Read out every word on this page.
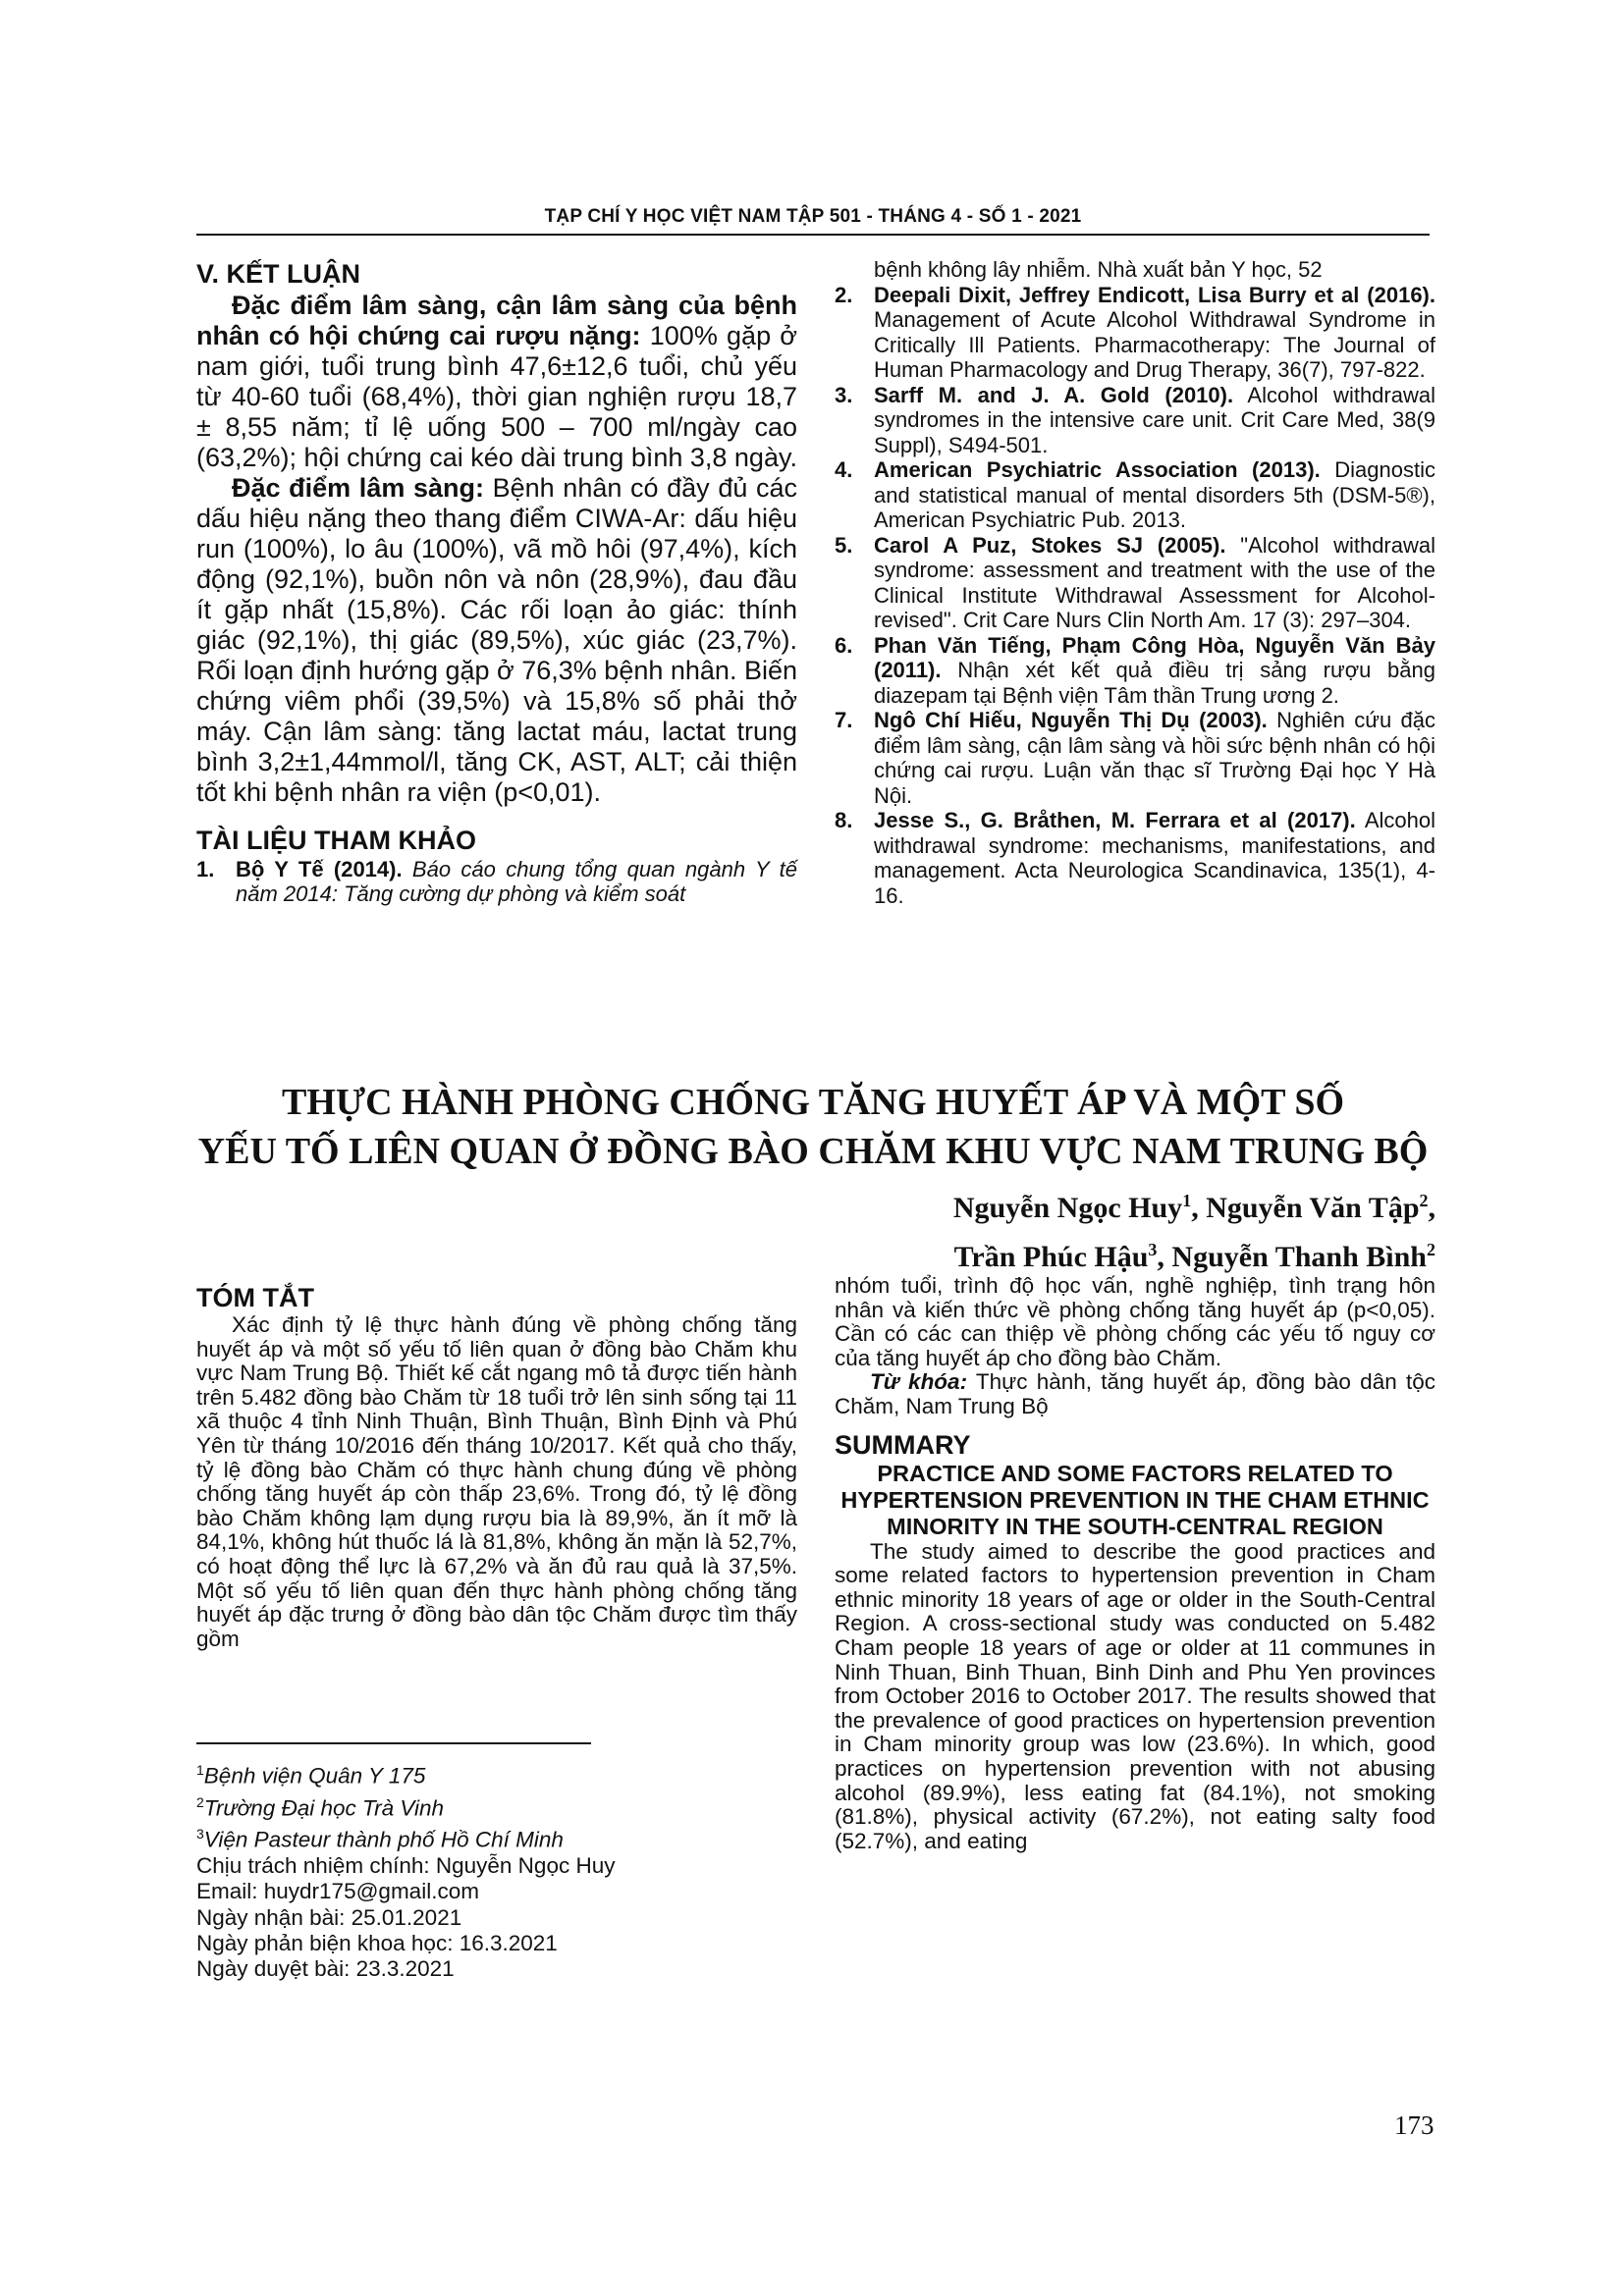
TẠP CHÍ Y HỌC VIỆT NAM TẬP 501 - THÁNG 4 - SỐ 1 - 2021

V. KẾT LUẬN

Đặc điểm lâm sàng, cận lâm sàng của bệnh nhân có hội chứng cai rượu nặng: 100% gặp ở nam giới, tuổi trung bình 47,6±12,6 tuổi, chủ yếu từ 40-60 tuổi (68,4%), thời gian nghiện rượu 18,7 ± 8,55 năm; tỉ lệ uống 500 – 700 ml/ngày cao (63,2%); hội chứng cai kéo dài trung bình 3,8 ngày.

Đặc điểm lâm sàng: Bệnh nhân có đầy đủ các dấu hiệu nặng theo thang điểm CIWA-Ar: dấu hiệu run (100%), lo âu (100%), vã mồ hôi (97,4%), kích động (92,1%), buồn nôn và nôn (28,9%), đau đầu ít gặp nhất (15,8%). Các rối loạn ảo giác: thính giác (92,1%), thị giác (89,5%), xúc giác (23,7%). Rối loạn định hướng gặp ở 76,3% bệnh nhân. Biến chứng viêm phổi (39,5%) và 15,8% số phải thở máy. Cận lâm sàng: tăng lactat máu, lactat trung bình 3,2±1,44mmol/l, tăng CK, AST, ALT; cải thiện tốt khi bệnh nhân ra viện (p<0,01).

TÀI LIỆU THAM KHẢO

1. Bộ Y Tế (2014). Báo cáo chung tổng quan ngành Y tế năm 2014: Tăng cường dự phòng và kiểm soát
bệnh không lây nhiễm. Nhà xuất bản Y học, 52
2. Deepali Dixit, Jeffrey Endicott, Lisa Burry et al (2016). Management of Acute Alcohol Withdrawal Syndrome in Critically Ill Patients. Pharmacotherapy: The Journal of Human Pharmacology and Drug Therapy, 36(7), 797-822.
3. Sarff M. and J. A. Gold (2010). Alcohol withdrawal syndromes in the intensive care unit. Crit Care Med, 38(9 Suppl), S494-501.
4. American Psychiatric Association (2013). Diagnostic and statistical manual of mental disorders 5th (DSM-5®), American Psychiatric Pub. 2013.
5. Carol A Puz, Stokes SJ (2005). "Alcohol withdrawal syndrome: assessment and treatment with the use of the Clinical Institute Withdrawal Assessment for Alcohol-revised". Crit Care Nurs Clin North Am. 17 (3): 297–304.
6. Phan Văn Tiếng, Phạm Công Hòa, Nguyễn Văn Bảy (2011). Nhận xét kết quả điều trị sảng rượu bằng diazepam tại Bệnh viện Tâm thần Trung ương 2.
7. Ngô Chí Hiếu, Nguyễn Thị Dụ (2003). Nghiên cứu đặc điểm lâm sàng, cận lâm sàng và hồi sức bệnh nhân có hội chứng cai rượu. Luận văn thạc sĩ Trường Đại học Y Hà Nội.
8. Jesse S., G. Bråthen, M. Ferrara et al (2017). Alcohol withdrawal syndrome: mechanisms, manifestations, and management. Acta Neurologica Scandinavica, 135(1), 4-16.
THỰC HÀNH PHÒNG CHỐNG TĂNG HUYẾT ÁP VÀ MỘT SỐ
YẾU TỐ LIÊN QUAN Ở ĐỒNG BÀO CHĂM KHU VỰC NAM TRUNG BỘ
Nguyễn Ngọc Huy$^1$, Nguyễn Văn Tập$^2$,
Trần Phúc Hậu$^3$, Nguyễn Thanh Bình$^2$

TÓM TẮT

Xác định tỷ lệ thực hành đúng về phòng chống tăng huyết áp và một số yếu tố liên quan ở đồng bào Chăm khu vực Nam Trung Bộ. Thiết kế cắt ngang mô tả được tiến hành trên 5.482 đồng bào Chăm từ 18 tuổi trở lên sinh sống tại 11 xã thuộc 4 tỉnh Ninh Thuận, Bình Thuận, Bình Định và Phú Yên từ tháng 10/2016 đến tháng 10/2017. Kết quả cho thấy, tỷ lệ đồng bào Chăm có thực hành chung đúng về phòng chống tăng huyết áp còn thấp 23,6%. Trong đó, tỷ lệ đồng bào Chăm không lạm dụng rượu bia là 89,9%, ăn ít mỡ là 84,1%, không hút thuốc lá là 81,8%, không ăn mặn là 52,7%, có hoạt động thể lực là 67,2% và ăn đủ rau quả là 37,5%. Một số yếu tố liên quan đến thực hành phòng chống tăng huyết áp đặc trưng ở đồng bào dân tộc Chăm được tìm thấy gồm

nhóm tuổi, trình độ học vấn, nghề nghiệp, tình trạng hôn nhân và kiến thức về phòng chống tăng huyết áp (p<0,05). Cần có các can thiệp về phòng chống các yếu tố nguy cơ của tăng huyết áp cho đồng bào Chăm.

Từ khóa: Thực hành, tăng huyết áp, đồng bào dân tộc Chăm, Nam Trung Bộ

SUMMARY

PRACTICE AND SOME FACTORS RELATED TO HYPERTENSION PREVENTION IN THE CHAM ETHNIC MINORITY IN THE SOUTH-CENTRAL REGION

The study aimed to describe the good practices and some related factors to hypertension prevention in Cham ethnic minority 18 years of age or older in the South-Central Region. A cross-sectional study was conducted on 5.482 Cham people 18 years of age or older at 11 communes in Ninh Thuan, Binh Thuan, Binh Dinh and Phu Yen provinces from October 2016 to October 2017. The results showed that the prevalence of good practices on hypertension prevention in Cham minority group was low (23.6%). In which, good practices on hypertension prevention with not abusing alcohol (89.9%), less eating fat (84.1%), not smoking (81.8%), physical activity (67.2%), not eating salty food (52.7%), and eating

$^1$Bệnh viện Quân Y 175

$^2$Trường Đại học Trà Vinh

$^3$Viện Pasteur thành phố Hồ Chí Minh

Chịu trách nhiệm chính: Nguyễn Ngọc Huy

Email: huydr175@gmail.com

Ngày nhận bài: 25.01.2021

Ngày phản biện khoa học: 16.3.2021

Ngày duyệt bài: 23.3.2021

173
